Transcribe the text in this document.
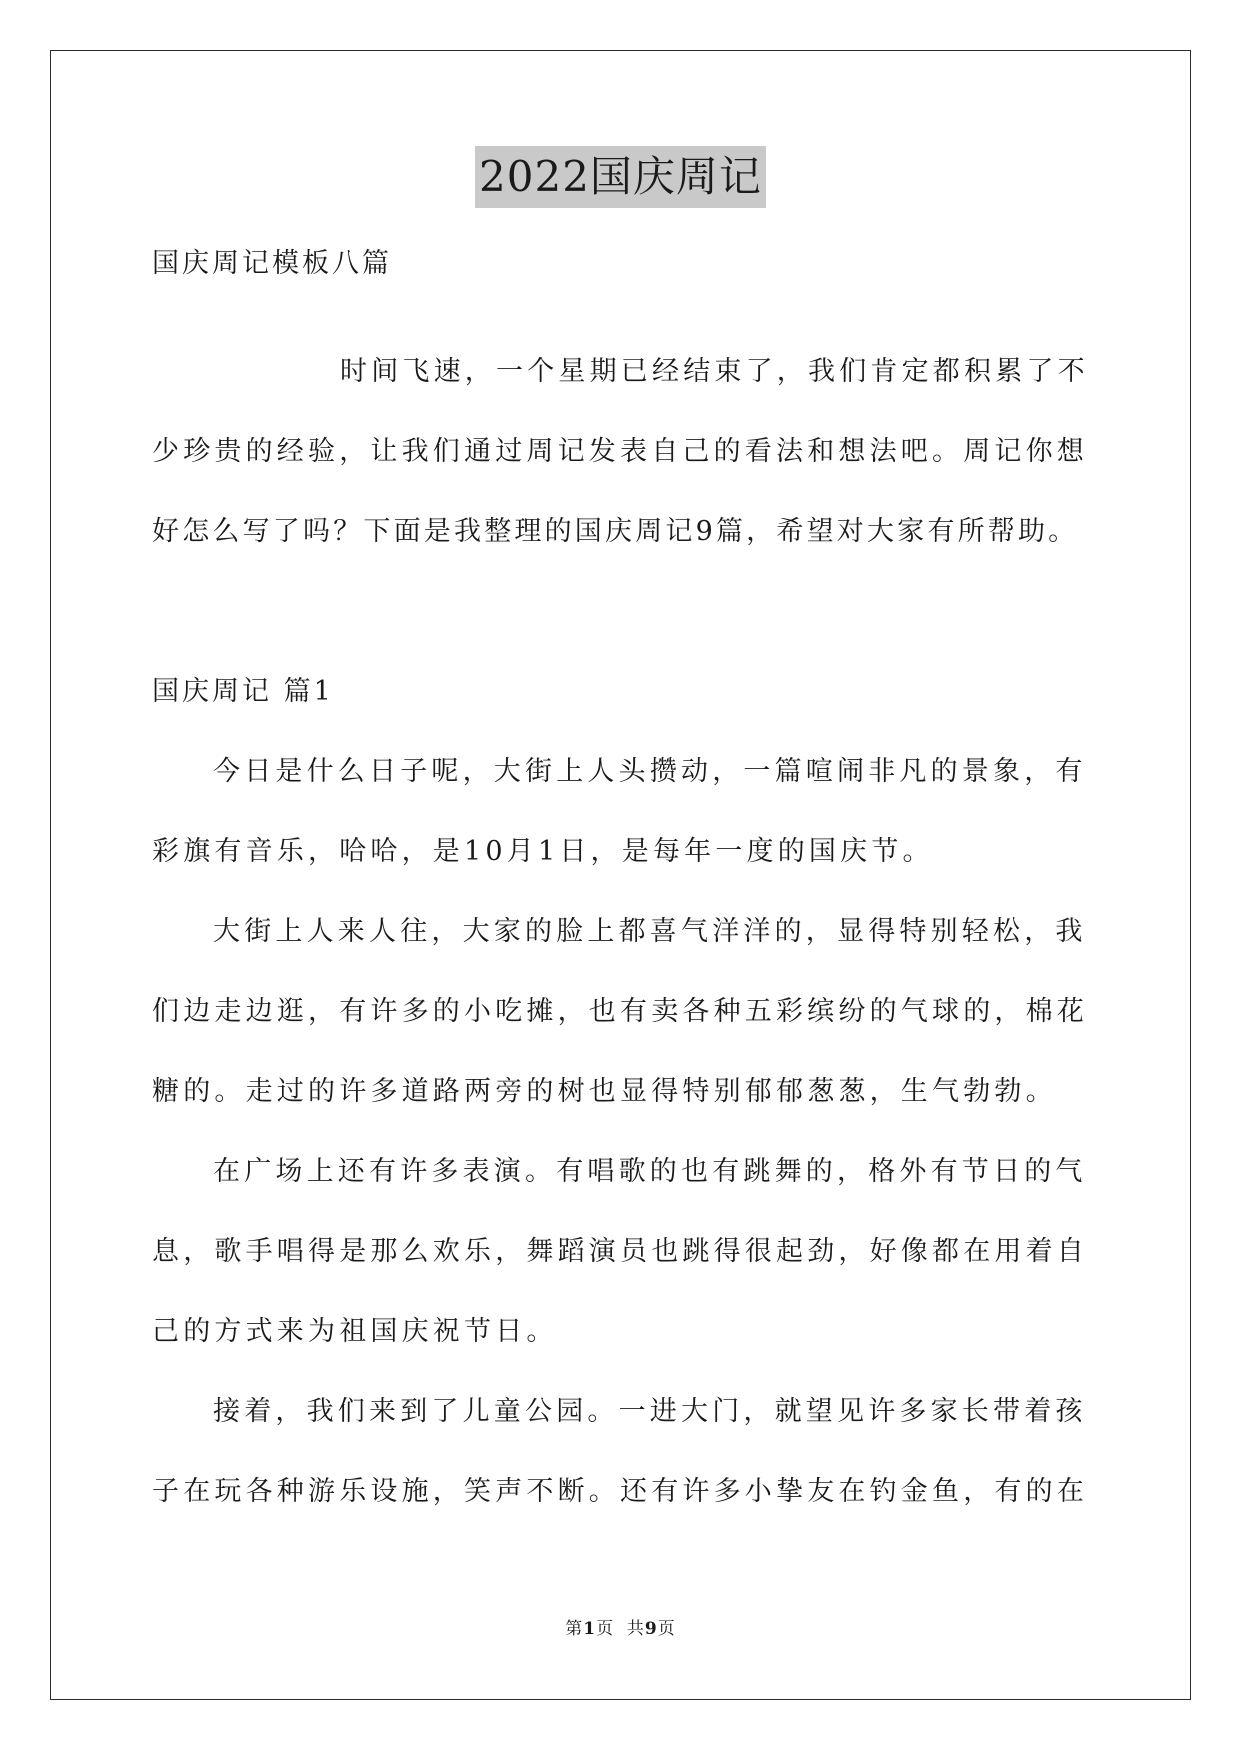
2022国庆周记
国庆周记模板八篇
时间飞速，一个星期已经结束了，我们肯定都积累了不
少珍贵的经验，让我们通过周记发表自己的看法和想法吧。周记你想
好怎么写了吗？下面是我整理的国庆周记9篇，希望对大家有所帮助。
国庆周记 篇1
今日是什么日子呢，大街上人头攒动，一篇喧闹非凡的景象，有
彩旗有音乐，哈哈，是10月1日，是每年一度的国庆节。
大街上人来人往，大家的脸上都喜气洋洋的，显得特别轻松，我
们边走边逛，有许多的小吃摊，也有卖各种五彩缤纷的气球的，棉花
糖的。走过的许多道路两旁的树也显得特别郁郁葱葱，生气勃勃。
在广场上还有许多表演。有唱歌的也有跳舞的，格外有节日的气
息，歌手唱得是那么欢乐，舞蹈演员也跳得很起劲，好像都在用着自
己的方式来为祖国庆祝节日。
接着，我们来到了儿童公园。一进大门，就望见许多家长带着孩
子在玩各种游乐设施，笑声不断。还有许多小挚友在钓金鱼，有的在
第1页  共9页
